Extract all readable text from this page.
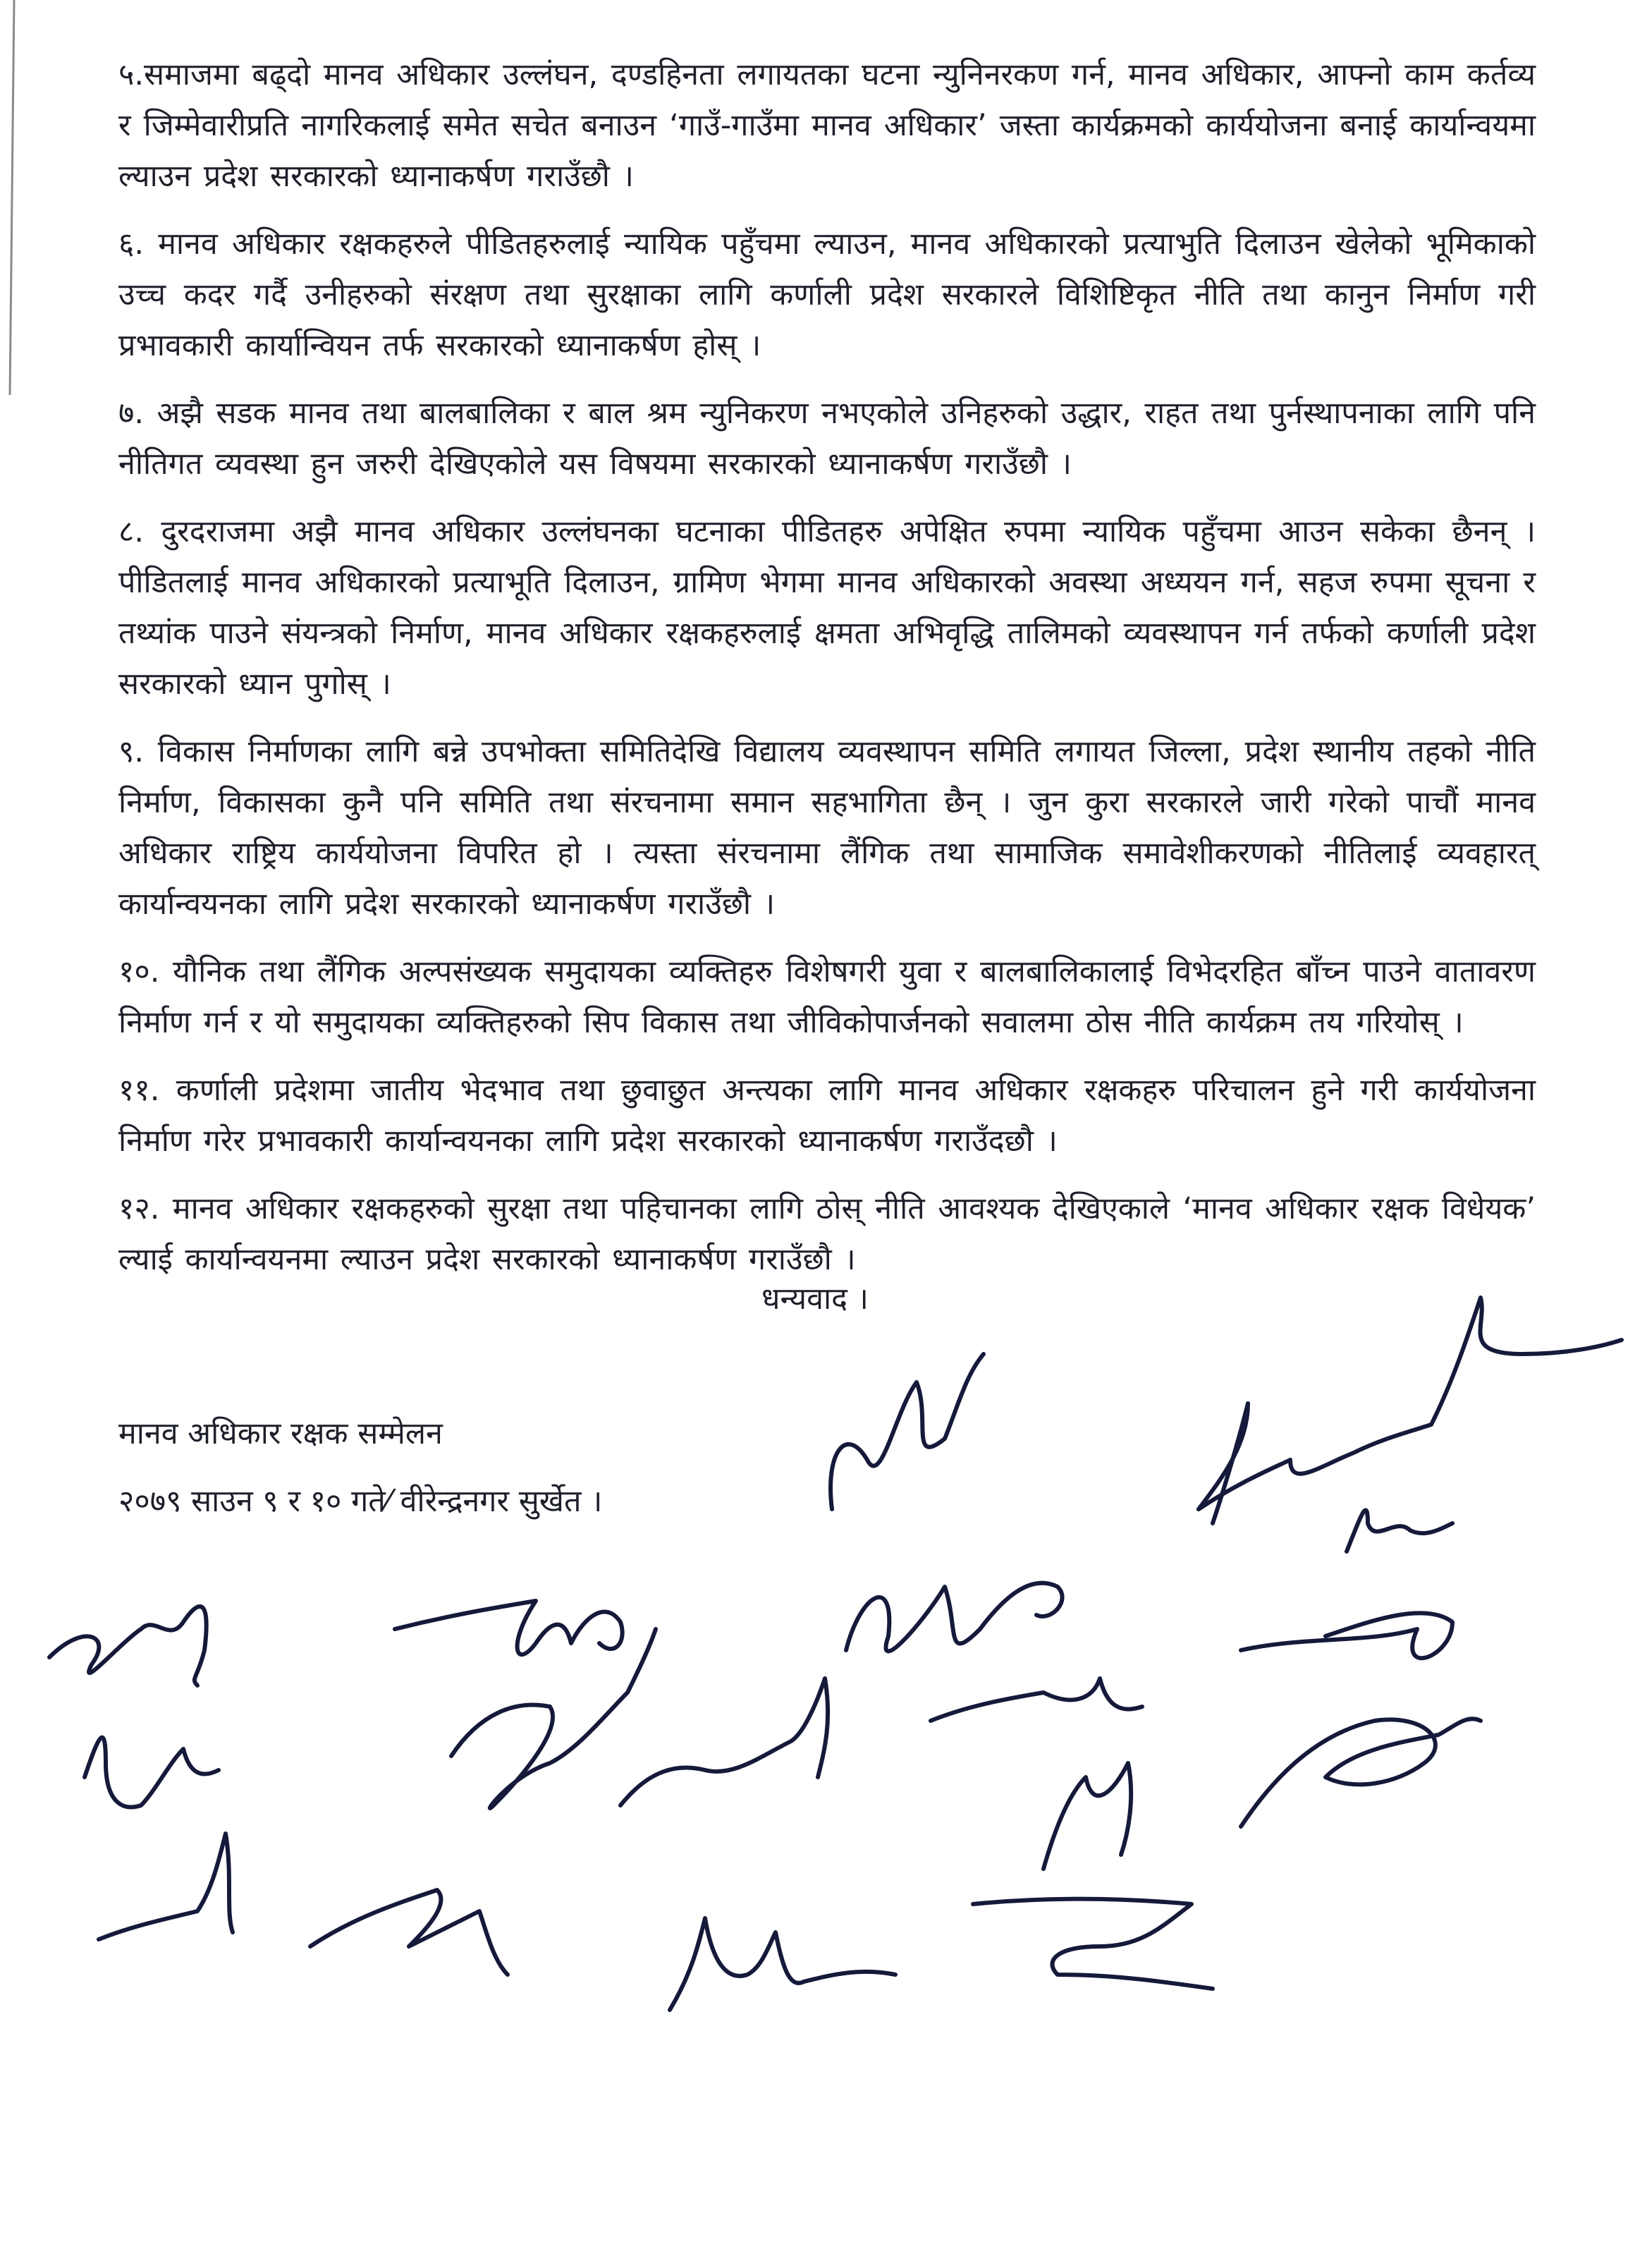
५.समाजमा बढ्दो मानव अधिकार उल्लंघन, दण्डहिनता लगायतका घटना न्युनिनरकण गर्न, मानव अधिकार, आफ्नो काम कर्तव्य र जिम्मेवारीप्रति नागरिकलाई समेत सचेत बनाउन ‘गाउँ-गाउँमा मानव अधिकार’ जस्ता कार्यक्रमको कार्ययोजना बनाई कार्यान्वयमा ल्याउन प्रदेश सरकारको ध्यानाकर्षण गराउँछौ ।

६. मानव अधिकार रक्षकहरुले पीडितहरुलाई न्यायिक पहुँचमा ल्याउन, मानव अधिकारको प्रत्याभुति दिलाउन खेलेको भूमिकाको उच्च कदर गर्दै उनीहरुको संरक्षण तथा सुरक्षाका लागि कर्णाली प्रदेश सरकारले विशिष्टिकृत नीति तथा कानुन निर्माण गरी प्रभावकारी कार्यान्वियन तर्फ सरकारको ध्यानाकर्षण होस् ।

७. अझै सडक मानव तथा बालबालिका र बाल श्रम न्युनिकरण नभएकोले उनिहरुको उद्धार, राहत तथा पुर्नस्थापनाका लागि पनि नीतिगत व्यवस्था हुन जरुरी देखिएकोले यस विषयमा सरकारको ध्यानाकर्षण गराउँछौ ।

८. दुरदराजमा अझै मानव अधिकार उल्लंघनका घटनाका पीडितहरु अपेक्षित रुपमा न्यायिक पहुँचमा आउन सकेका छैनन् । पीडितलाई मानव अधिकारको प्रत्याभूति दिलाउन, ग्रामिण भेगमा मानव अधिकारको अवस्था अध्ययन गर्न, सहज रुपमा सूचना र तथ्यांक पाउने संयन्त्रको निर्माण, मानव अधिकार रक्षकहरुलाई क्षमता अभिवृद्धि तालिमको व्यवस्थापन गर्न तर्फको कर्णाली प्रदेश सरकारको ध्यान पुगोस् ।

९. विकास निर्माणका लागि बन्ने उपभोक्ता समितिदेखि विद्यालय व्यवस्थापन समिति लगायत जिल्ला, प्रदेश स्थानीय तहको नीति निर्माण, विकासका कुनै पनि समिति तथा संरचनामा समान सहभागिता छैन् । जुन कुरा सरकारले जारी गरेको पाचौं मानव अधिकार राष्ट्रिय कार्ययोजना विपरित हो । त्यस्ता संरचनामा लैंगिक तथा सामाजिक समावेशीकरणको नीतिलाई व्यवहारत् कार्यान्वयनका लागि प्रदेश सरकारको ध्यानाकर्षण गराउँछौ ।

१०. यौनिक तथा लैंगिक अल्पसंख्यक समुदायका व्यक्तिहरु विशेषगरी युवा र बालबालिकालाई विभेदरहित बाँच्न पाउने वातावरण निर्माण गर्न र यो समुदायका व्यक्तिहरुको सिप विकास तथा जीविकोपार्जनको सवालमा ठोस नीति कार्यक्रम तय गरियोस् ।

११. कर्णाली प्रदेशमा जातीय भेदभाव तथा छुवाछुत अन्त्यका लागि मानव अधिकार रक्षकहरु परिचालन हुने गरी कार्ययोजना निर्माण गरेर प्रभावकारी कार्यान्वयनका लागि प्रदेश सरकारको ध्यानाकर्षण गराउँदछौ ।

१२. मानव अधिकार रक्षकहरुको सुरक्षा तथा पहिचानका लागि ठोस् नीति आवश्यक देखिएकाले ‘मानव अधिकार रक्षक विधेयक’ ल्याई कार्यान्वयनमा ल्याउन प्रदेश सरकारको ध्यानाकर्षण गराउँछौ ।

धन्यवाद ।
मानव अधिकार रक्षक सम्मेलन
२०७९ साउन ९ र १० गते⁄ वीरेन्द्रनगर सुर्खेत ।
